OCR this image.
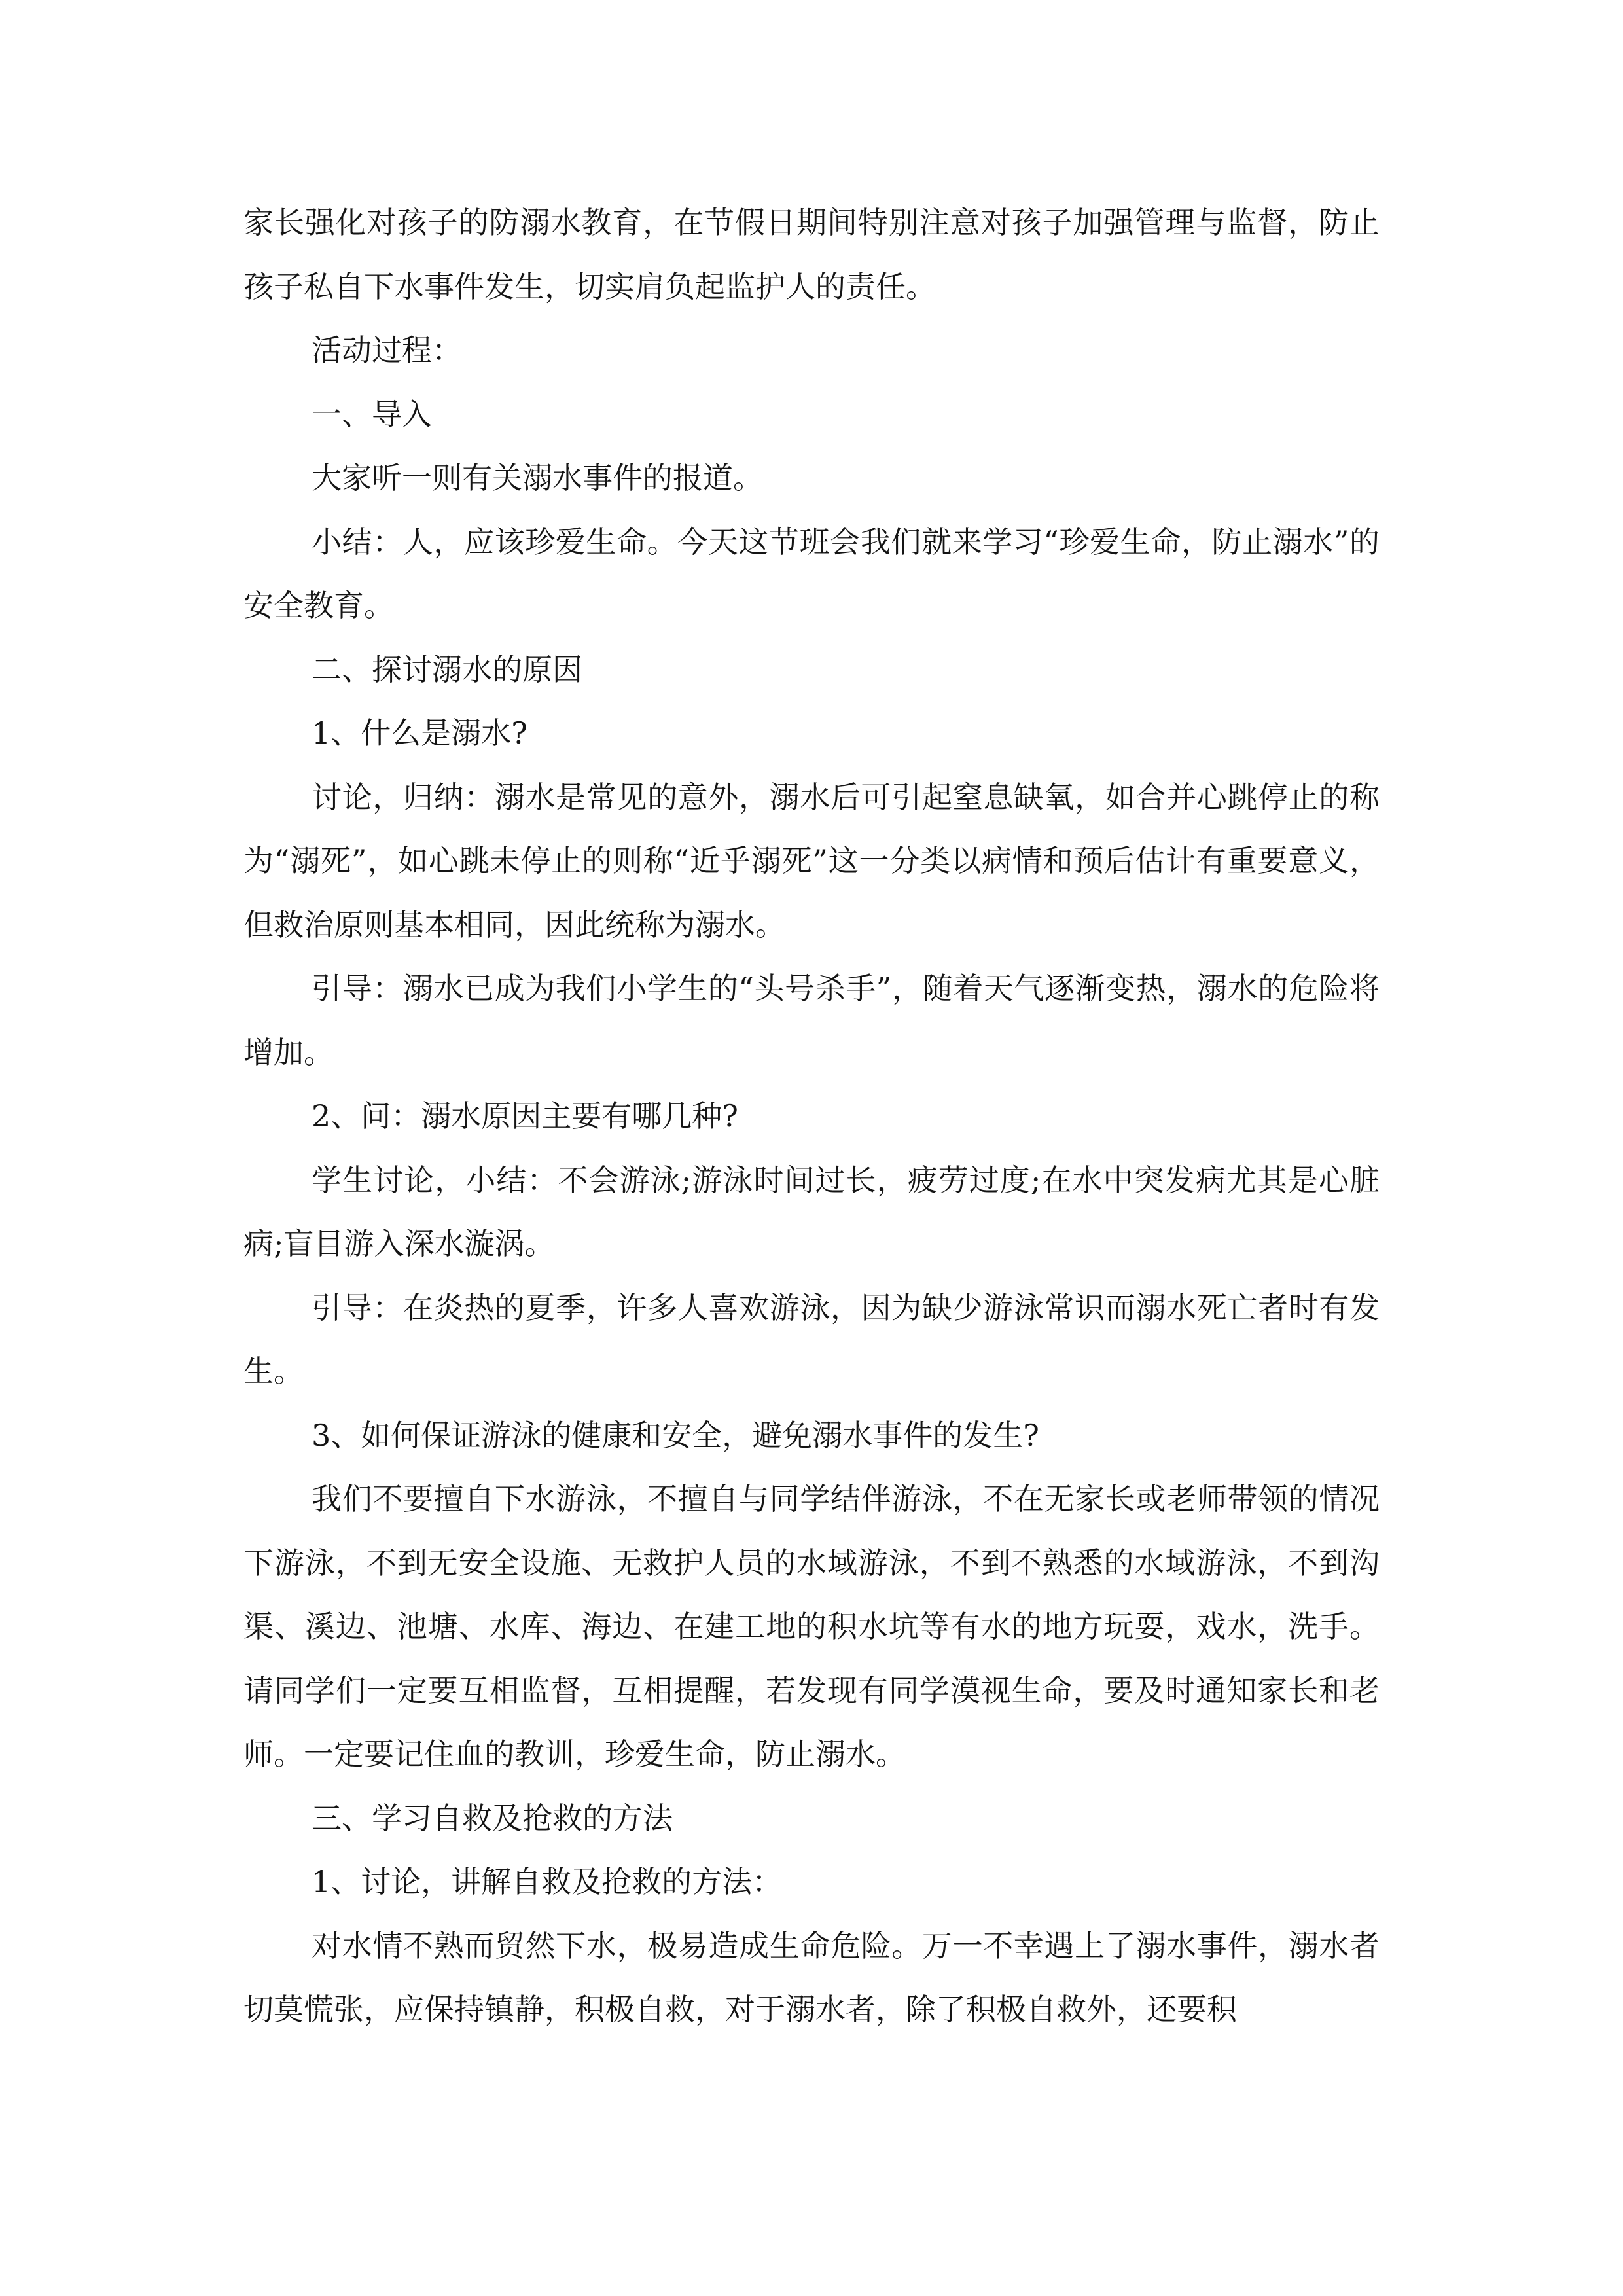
家长强化对孩子的防溺水教育，在节假日期间特别注意对孩子加强管理与监督，防止孩子私自下水事件发生，切实肩负起监护人的责任。

活动过程：

一、导入

大家听一则有关溺水事件的报道。

小结：人，应该珍爱生命。今天这节班会我们就来学习“珍爱生命，防止溺水”的安全教育。

二、探讨溺水的原因

1、什么是溺水?

讨论，归纳：溺水是常见的意外，溺水后可引起窒息缺氧，如合并心跳停止的称为“溺死”，如心跳未停止的则称“近乎溺死”这一分类以病情和预后估计有重要意义，但救治原则基本相同，因此统称为溺水。

引导：溺水已成为我们小学生的“头号杀手”，随着天气逐渐变热，溺水的危险将增加。

2、问：溺水原因主要有哪几种?

学生讨论，小结：不会游泳;游泳时间过长，疲劳过度;在水中突发病尤其是心脏病;盲目游入深水漩涡。

引导：在炎热的夏季，许多人喜欢游泳，因为缺少游泳常识而溺水死亡者时有发生。

3、如何保证游泳的健康和安全，避免溺水事件的发生?

我们不要擅自下水游泳，不擅自与同学结伴游泳，不在无家长或老师带领的情况下游泳，不到无安全设施、无救护人员的水域游泳，不到不熟悉的水域游泳，不到沟渠、溪边、池塘、水库、海边、在建工地的积水坑等有水的地方玩耍，戏水，洗手。请同学们一定要互相监督，互相提醒，若发现有同学漠视生命，要及时通知家长和老师。一定要记住血的教训，珍爱生命，防止溺水。

三、学习自救及抢救的方法

1、讨论，讲解自救及抢救的方法：

对水情不熟而贸然下水，极易造成生命危险。万一不幸遇上了溺水事件，溺水者切莫慌张，应保持镇静，积极自救，对于溺水者，除了积极自救外，还要积
